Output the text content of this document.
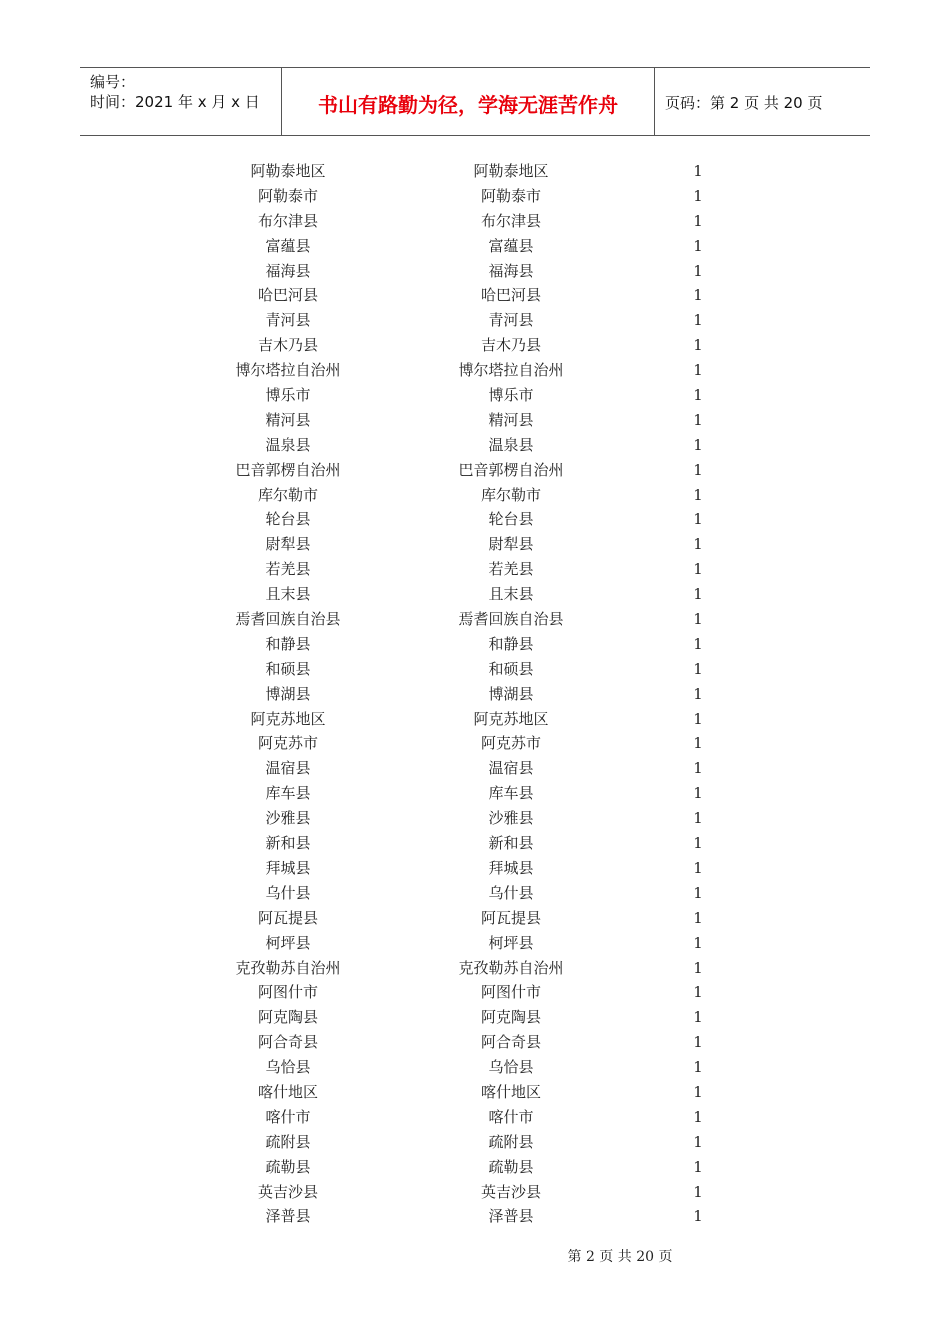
编号：
时间：2021 年 x 月 x 日	书山有路勤为径，学海无涯苦作舟	页码：第 2 页 共 20 页
阿勒泰地区	阿勒泰地区	1
阿勒泰市	阿勒泰市	1
布尔津县	布尔津县	1
富蕴县	富蕴县	1
福海县	福海县	1
哈巴河县	哈巴河县	1
青河县	青河县	1
吉木乃县	吉木乃县	1
博尔塔拉自治州	博尔塔拉自治州	1
博乐市	博乐市	1
精河县	精河县	1
温泉县	温泉县	1
巴音郭楞自治州	巴音郭楞自治州	1
库尔勒市	库尔勒市	1
轮台县	轮台县	1
尉犁县	尉犁县	1
若羌县	若羌县	1
且末县	且末县	1
焉耆回族自治县	焉耆回族自治县	1
和静县	和静县	1
和硕县	和硕县	1
博湖县	博湖县	1
阿克苏地区	阿克苏地区	1
阿克苏市	阿克苏市	1
温宿县	温宿县	1
库车县	库车县	1
沙雅县	沙雅县	1
新和县	新和县	1
拜城县	拜城县	1
乌什县	乌什县	1
阿瓦提县	阿瓦提县	1
柯坪县	柯坪县	1
克孜勒苏自治州	克孜勒苏自治州	1
阿图什市	阿图什市	1
阿克陶县	阿克陶县	1
阿合奇县	阿合奇县	1
乌恰县	乌恰县	1
喀什地区	喀什地区	1
喀什市	喀什市	1
疏附县	疏附县	1
疏勒县	疏勒县	1
英吉沙县	英吉沙县	1
泽普县	泽普县	1
第 2 页 共 20 页
